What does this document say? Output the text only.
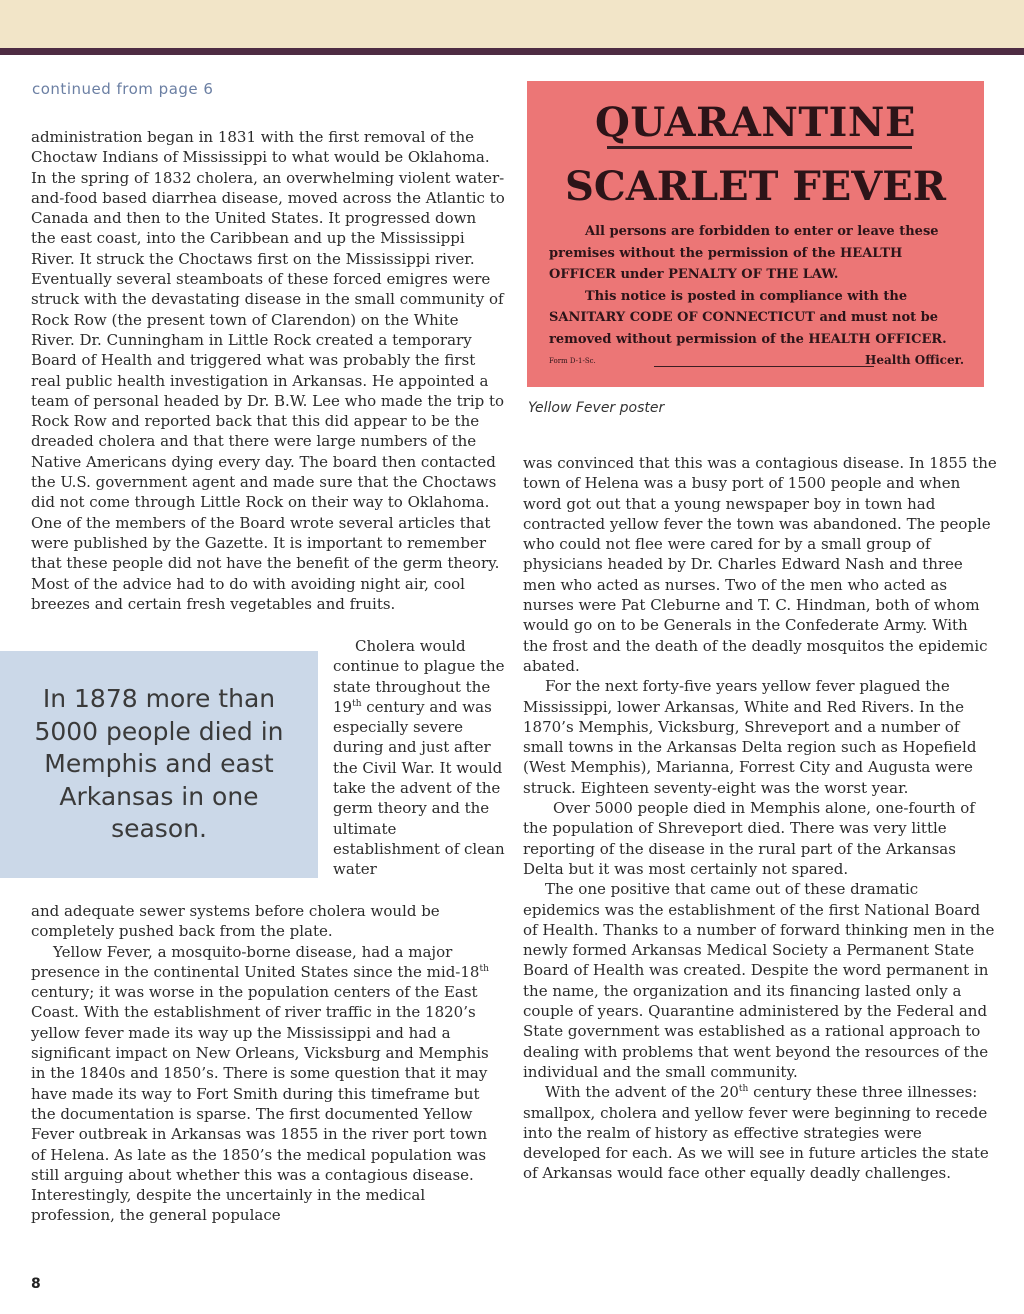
continued from page 6

administration began in 1831 with the first removal of the Choctaw Indians of Mississippi to what would be Oklahoma. In the spring of 1832 cholera, an overwhelming violent water-and-food based diarrhea disease, moved across the Atlantic to Canada and then to the United States. It progressed down the east coast, into the Caribbean and up the Mississippi River. It struck the Choctaws first on the Mississippi river. Eventually several steamboats of these forced emigres were struck with the devastating disease in the small community of Rock Row (the present town of Clarendon) on the White River. Dr. Cunningham in Little Rock created a temporary Board of Health and triggered what was probably the first real public health investigation in Arkansas. He appointed a team of personal headed by Dr. B.W. Lee who made the trip to Rock Row and reported back that this did appear to be the dreaded cholera and that there were large numbers of the Native Americans dying every day. The board then contacted the U.S. government agent and made sure that the Choctaws did not come through Little Rock on their way to Oklahoma. One of the members of the Board wrote several articles that were published by the Gazette. It is important to remember that these people did not have the benefit of the germ theory. Most of the advice had to do with avoiding night air, cool breezes and certain fresh vegetables and fruits.

In 1878 more than 5000 people died in Memphis and east Arkansas in one season.

Cholera would continue to plague the state throughout the 19th century and was especially severe during and just after the Civil War. It would take the advent of the germ theory and the ultimate establishment of clean water

and adequate sewer systems before cholera would be completely pushed back from the plate.

Yellow Fever, a mosquito-borne disease, had a major presence in the continental United States since the mid-18th century; it was worse in the population centers of the East Coast. With the establishment of river traffic in the 1820’s yellow fever made its way up the Mississippi and had a significant impact on New Orleans, Vicksburg and Memphis in the 1840s and 1850’s. There is some question that it may have made its way to Fort Smith during this timeframe but the documentation is sparse. The first documented Yellow Fever outbreak in Arkansas was 1855 in the river port town of Helena. As late as the 1850’s the medical population was still arguing about whether this was a contagious disease. Interestingly, despite the uncertainly in the medical profession, the general populace

QUARANTINE
SCARLET FEVER

All persons are forbidden to enter or leave these premises without the permission of the HEALTH OFFICER under PENALTY OF THE LAW.

This notice is posted in compliance with the SANITARY CODE OF CONNECTICUT and must not be removed without permission of the HEALTH OFFICER.

Form D-1-Sc.	Health Officer.
Yellow Fever poster

was convinced that this was a contagious disease. In 1855 the town of Helena was a busy port of 1500 people and when word got out that a young newspaper boy in town had contracted yellow fever the town was abandoned. The people who could not flee were cared for by a small group of physicians headed by Dr. Charles Edward Nash and three men who acted as nurses. Two of the men who acted as nurses were Pat Cleburne and T. C. Hindman, both of whom would go on to be Generals in the Confederate Army. With the frost and the death of the deadly mosquitos the epidemic abated.

For the next forty-five years yellow fever plagued the Mississippi, lower Arkansas, White and Red Rivers. In the 1870’s Memphis, Vicksburg, Shreveport and a number of small towns in the Arkansas Delta region such as Hopefield (West Memphis), Marianna, Forrest City and Augusta were struck. Eighteen seventy-eight was the worst year.

Over 5000 people died in Memphis alone, one-fourth of the population of Shreveport died. There was very little reporting of the disease in the rural part of the Arkansas Delta but it was most certainly not spared.

The one positive that came out of these dramatic epidemics was the establishment of the first National Board of Health. Thanks to a number of forward thinking men in the newly formed Arkansas Medical Society a Permanent State Board of Health was created. Despite the word permanent in the name, the organization and its financing lasted only a couple of years. Quarantine administered by the Federal and State government was established as a rational approach to dealing with problems that went beyond the resources of the individual and the small community.

With the advent of the 20th century these three illnesses: smallpox, cholera and yellow fever were beginning to recede into the realm of history as effective strategies were developed for each. As we will see in future articles the state of Arkansas would face other equally deadly challenges.

8
